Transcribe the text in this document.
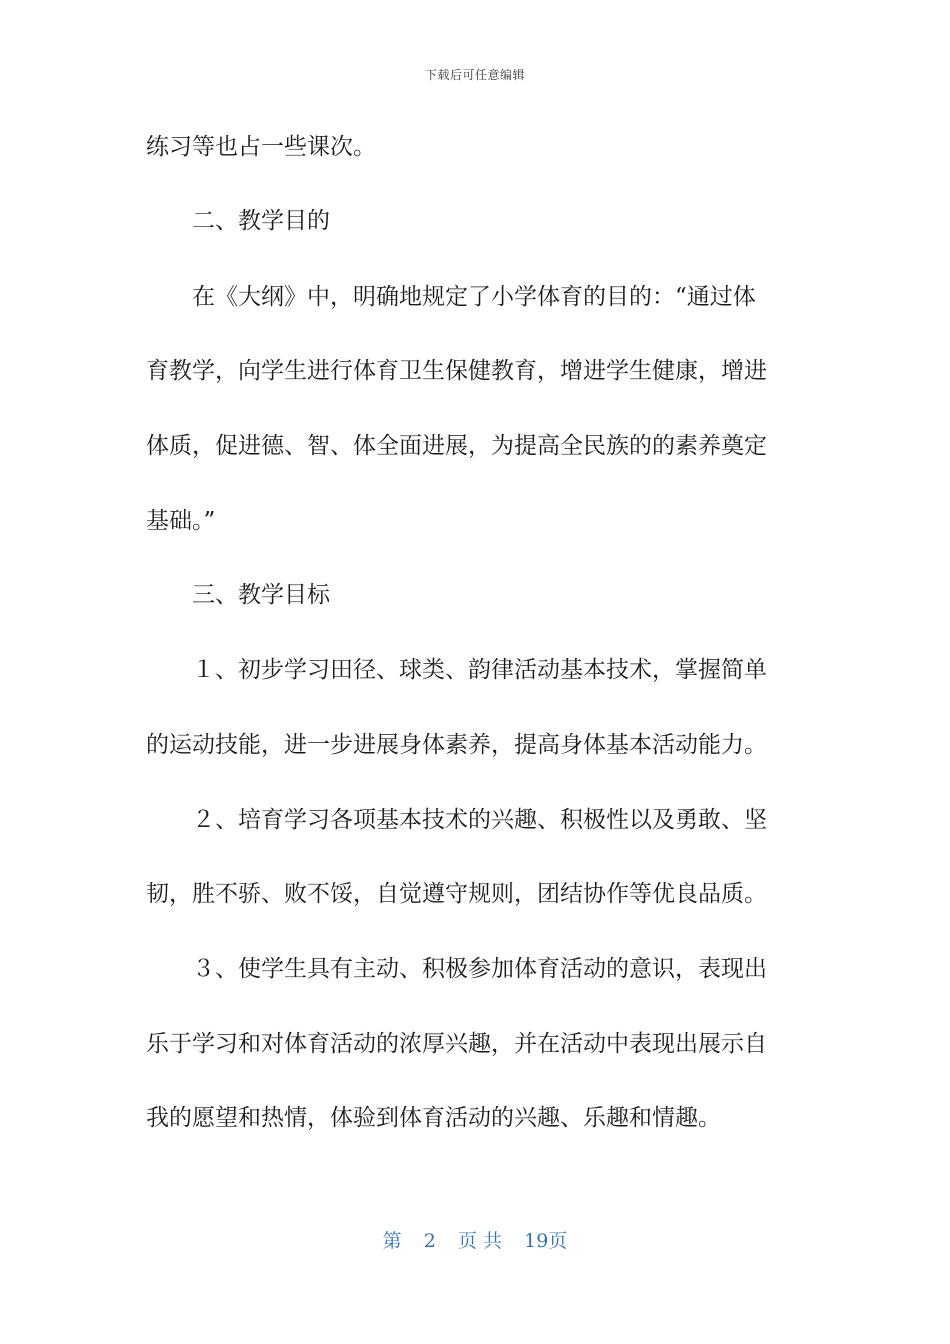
下载后可任意编辑
练习等也占一些课次。
二、教学目的
在《大纲》中，明确地规定了小学体育的目的：“通过体
育教学，向学生进行体育卫生保健教育，增进学生健康，增进
体质，促进德、智、体全面进展，为提高全民族的的素养奠定
基础。”
三、教学目标
１、初步学习田径、球类、韵律活动基本技术，掌握简单
的运动技能，进一步进展身体素养，提高身体基本活动能力。
２、培育学习各项基本技术的兴趣、积极性以及勇敢、坚
韧，胜不骄、败不馁，自觉遵守规则，团结协作等优良品质。
３、使学生具有主动、积极参加体育活动的意识，表现出
乐于学习和对体育活动的浓厚兴趣，并在活动中表现出展示自
我的愿望和热情，体验到体育活动的兴趣、乐趣和情趣。
第 2 页 共 19页
